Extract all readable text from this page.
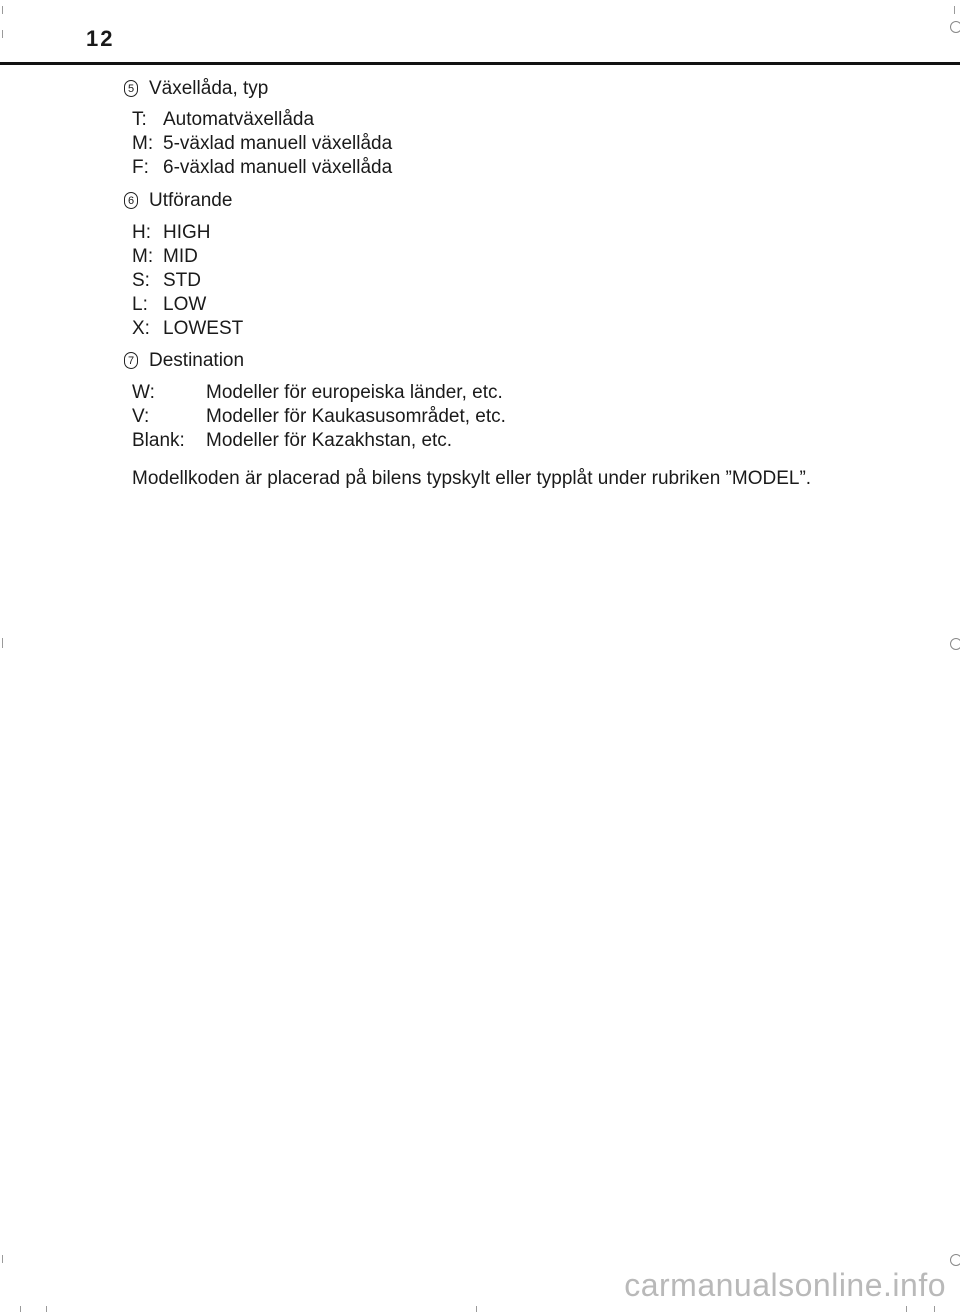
12
5 Växellåda, typ
T: Automatväxellåda
M: 5-växlad manuell växellåda
F: 6-växlad manuell växellåda
6 Utförande
H: HIGH
M: MID
S: STD
L: LOW
X: LOWEST
7 Destination
W:	Modeller för europeiska länder, etc.
V:	Modeller för Kaukasusområdet, etc.
Blank:	Modeller för Kazakhstan, etc.

Modellkoden är placerad på bilens typskylt eller typplåt under rubriken ”MODEL”.

carmanualsonline.info
